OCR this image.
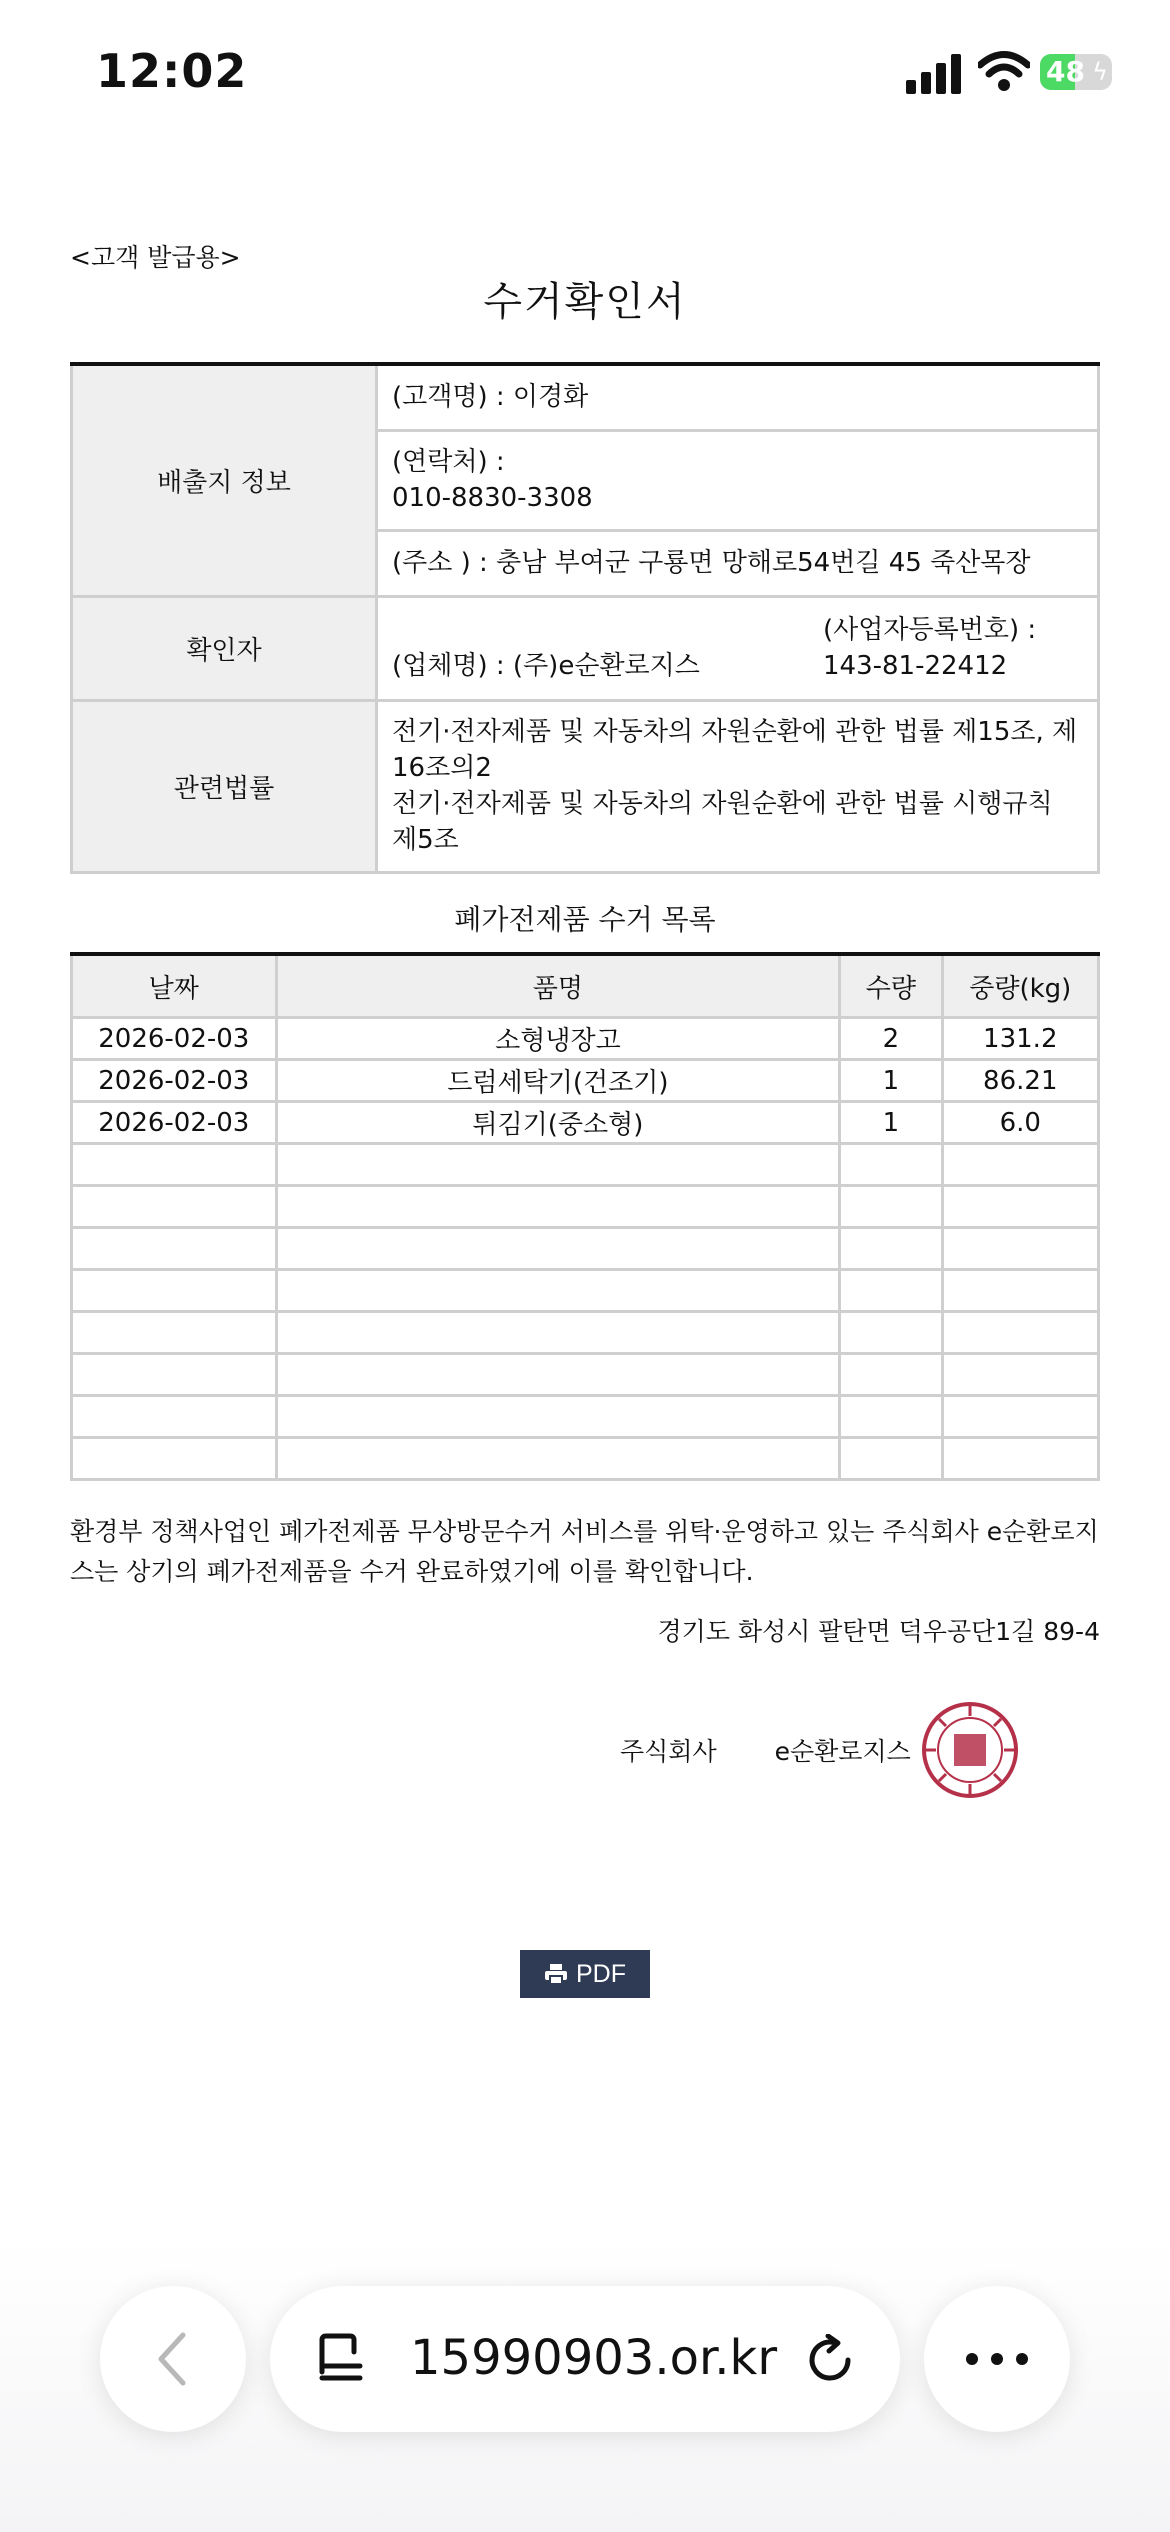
12:02	48 ϟ
<고객 발급용>
수거확인서
배출지 정보	(고객명) : 이경화

	(연락처) :
010-8830-3308

	(주소 ) : 충남 부여군 구룡면 망해로54번길 45 죽산목장
확인자	(업체명) : (주)e순환로지스
(사업자등록번호) :
143-81-22412

관련법률	전기·전자제품 및 자동차의 자원순환에 관한 법률 제15조, 제16조의2
전기·전자제품 및 자동차의 자원순환에 관한 법률 시행규칙 제5조
폐가전제품 수거 목록
날짜	품명	수량	중량(kg)
2026-02-03	소형냉장고	2	131.2
2026-02-03	드럼세탁기(건조기)	1	86.21
2026-02-03	튀김기(중소형)	1	6.0

환경부 정책사업인 폐가전제품 무상방문수거 서비스를 위탁·운영하고 있는 주식회사 e순환로지스는 상기의 폐가전제품을 수거 완료하였기에 이를 확인합니다.
경기도 화성시 팔탄면 덕우공단1길 89-4
주식회사 e순환로지스
PDF
15990903.or.kr
